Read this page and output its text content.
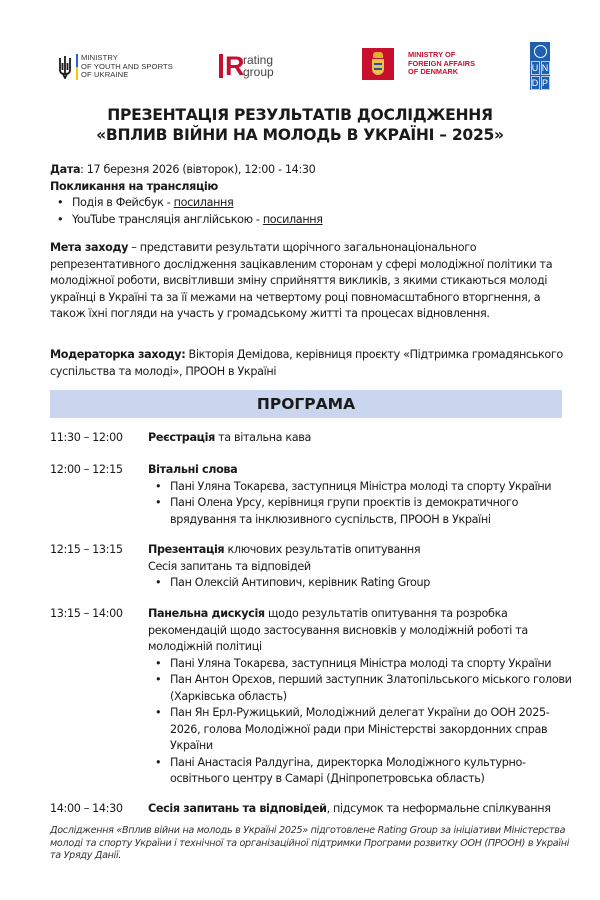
MINISTRY
OF YOUTH AND SPORTS
OF UKRAINE	R
rating
group
MINISTRY OF
FOREIGN AFFAIRS
OF DENMARK	U N
D P
ПРЕЗЕНТАЦІЯ РЕЗУЛЬТАТІВ ДОСЛІДЖЕННЯ
«ВПЛИВ ВІЙНИ НА МОЛОДЬ В УКРАЇНІ – 2025»
Дата: 17 березня 2026 (вівторок), 12:00 - 14:30
Покликання на трансляцію
• Подія в Фейсбук - посилання
• YouTube трансляція англійською - посилання
Мета заходу – представити результати щорічного загальнонаціонального репрезентативного дослідження зацікавленим сторонам у сфері молодіжної політики та молодіжної роботи, висвітливши зміну сприйняття викликів, з якими стикаються молоді українці в Україні та за її межами на четвертому році повномасштабного вторгнення, а також їхні погляди на участь у громадському житті та процесах відновлення.
Модераторка заходу: Вікторія Демідова, керівниця проєкту «Підтримка громадянського суспільства та молоді», ПРООН в Україні
ПРОГРАМА
11:30 – 12:00	Реєстрація та вітальна кава
12:00 – 12:15	Вітальні слова
• Пані Уляна Токарєва, заступниця Міністра молоді та спорту України
• Пані Олена Урсу, керівниця групи проєктів із демократичного врядування та інклюзивного суспільств, ПРООН в Україні
12:15 – 13:15	Презентація ключових результатів опитування
Сесія запитань та відповідей
• Пан Олексій Антипович, керівник Rating Group
13:15 – 14:00	Панельна дискусія щодо результатів опитування та розробка рекомендацій щодо застосування висновків у молодіжній роботі та молодіжній політиці
• Пані Уляна Токарєва, заступниця Міністра молоді та спорту України
• Пан Антон Орєхов, перший заступник Златопільського міського голови (Харківська область)
• Пан Ян Ерл-Ружицький, Молодіжний делегат України до ООН 2025-2026, голова Молодіжної ради при Міністерстві закордонних справ України
• Пані Анастасія Ралдугіна, директорка Молодіжного культурно-освітнього центру в Самарі (Дніпропетровська область)
14:00 – 14:30	Сесія запитань та відповідей, підсумок та неформальне спілкування
Дослідження «Вплив війни на молодь в Україні 2025» підготовлене Rating Group за ініціативи Міністерства молоді та спорту України і технічної та організаційної підтримки Програми розвитку ООН (ПРООН) в Україні та Уряду Данії.
